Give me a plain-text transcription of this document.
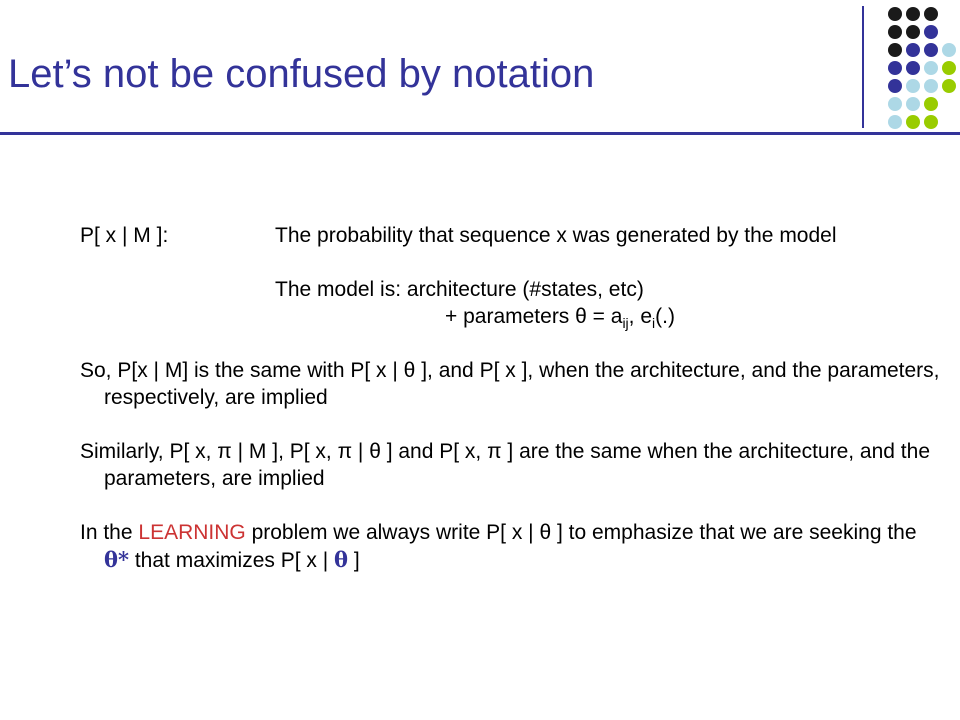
Let’s not be confused by notation
P[ x | M ]:	The probability that sequence x was generated by the model

The model is: architecture (#states, etc)

+ parameters $\theta = a_{ij}$, $e_i(.)$

So, P[x | M] is the same with P[ x | θ ], and P[ x ], when the architecture, and the parameters, respectively, are implied

Similarly, P[ x, π | M ], P[ x, π | θ ] and P[ x, π ] are the same when the architecture, and the parameters, are implied

In the LEARNING problem we always write P[ x | θ ] to emphasize that we are seeking the θ* that maximizes P[ x | θ ]
